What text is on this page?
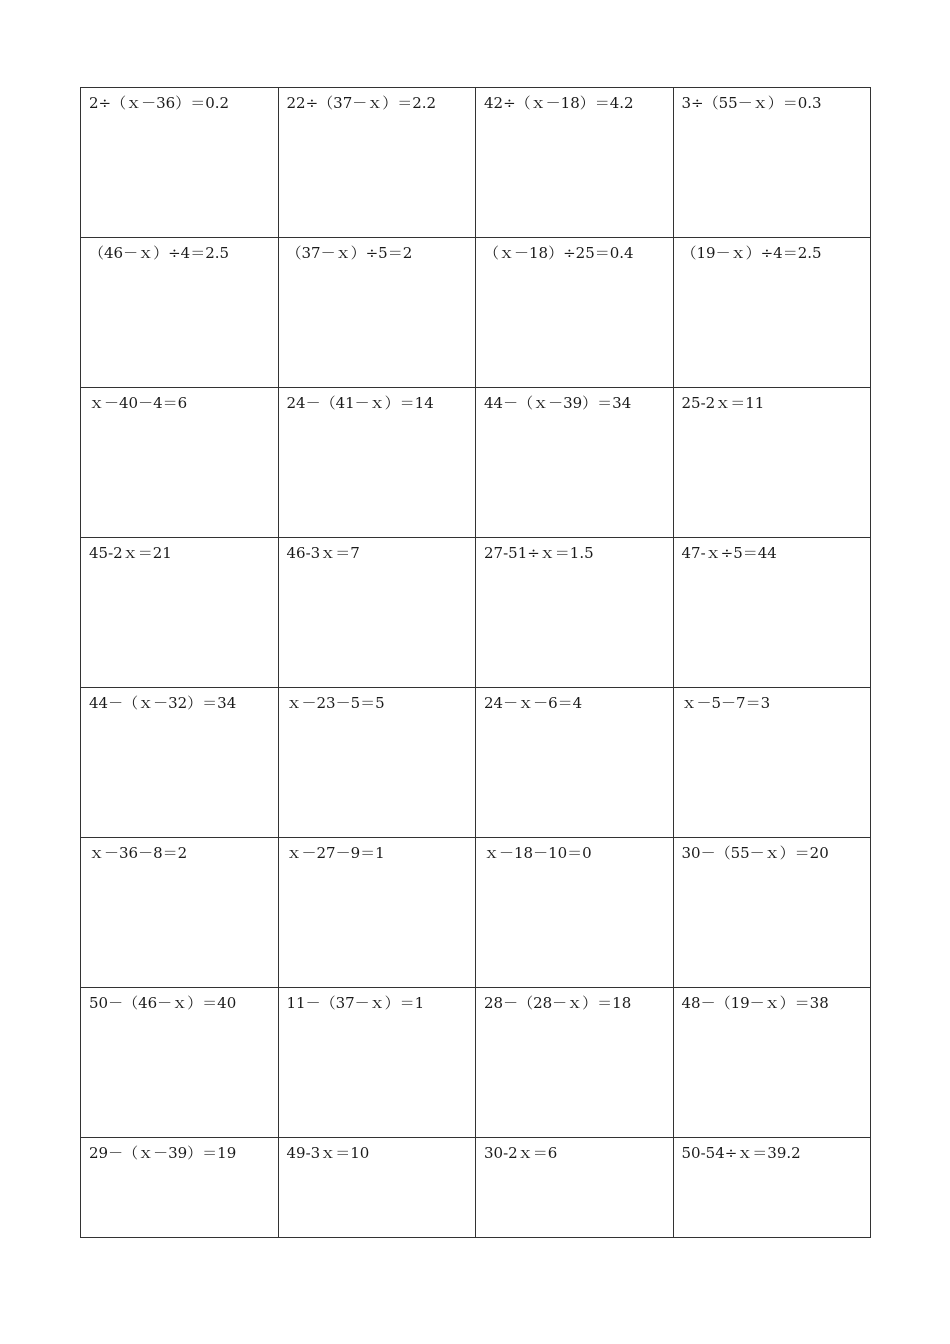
2÷（ｘ－36）＝0.2	22÷（37－ｘ）＝2.2	42÷（ｘ－18）＝4.2	3÷（55－ｘ）＝0.3
（46－ｘ）÷4＝2.5	（37－ｘ）÷5＝2	（ｘ－18）÷25＝0.4	（19－ｘ）÷4＝2.5
ｘ－40－4＝6	24－（41－ｘ）＝14	44－（ｘ－39）＝34	25-2ｘ＝11
45-2ｘ＝21	46-3ｘ＝7	27-51÷ｘ＝1.5	47-ｘ÷5＝44
44－（ｘ－32）＝34	ｘ－23－5＝5	24－ｘ－6＝4	ｘ－5－7＝3
ｘ－36－8＝2	ｘ－27－9＝1	ｘ－18－10＝0	30－（55－ｘ）＝20
50－（46－ｘ）＝40	11－（37－ｘ）＝1	28－（28－ｘ）＝18	48－（19－ｘ）＝38
29－（ｘ－39）＝19	49-3ｘ＝10	30-2ｘ＝6	50-54÷ｘ＝39.2
